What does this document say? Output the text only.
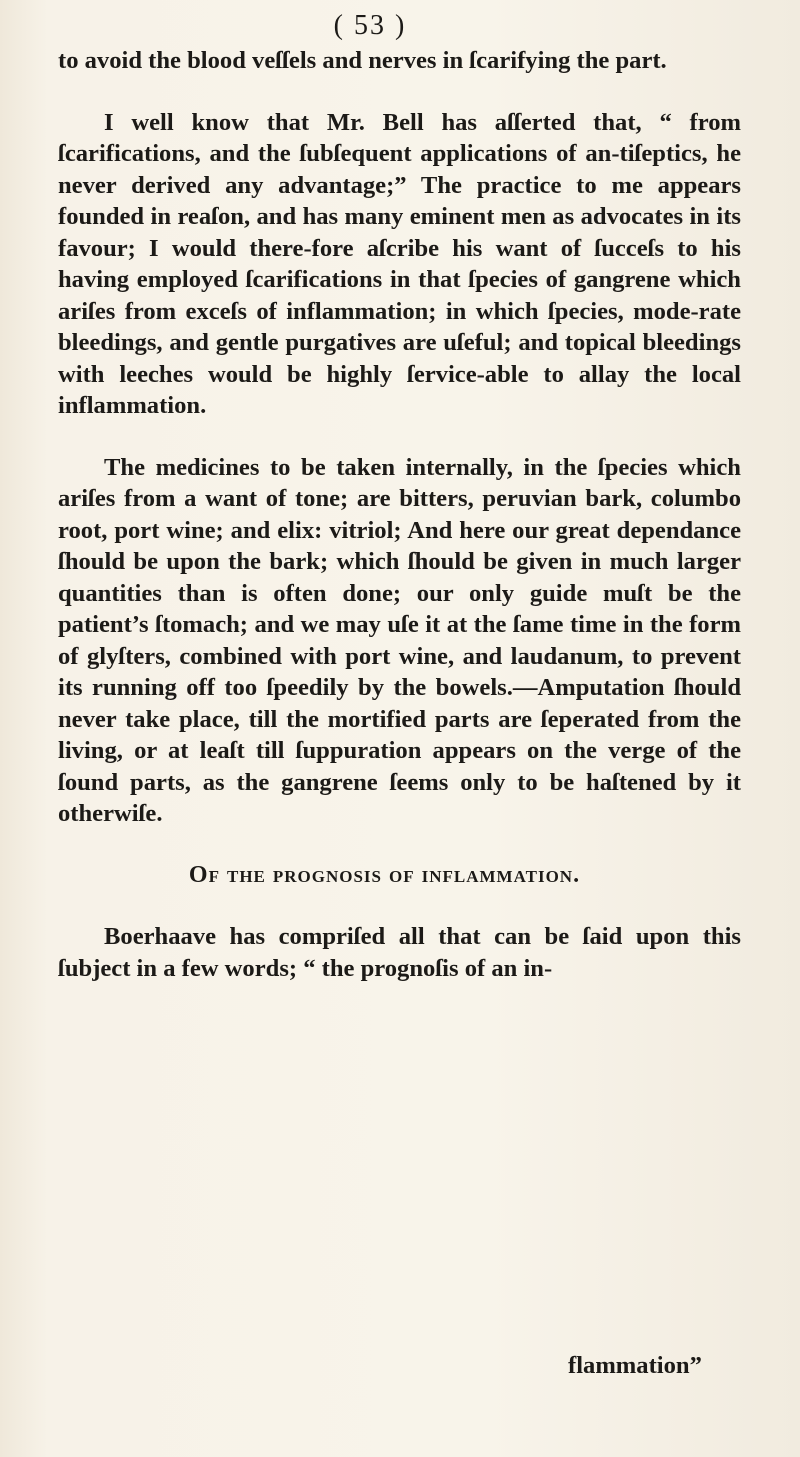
( 53 )

to avoid the blood veſſels and nerves in ſcarifying the part.

I well know that Mr. Bell has aſſerted that, “ from ſcarifications, and the ſubſequent applications of an-tiſeptics, he never derived any advantage;” The practice to me appears founded in reaſon, and has many eminent men as advocates in its favour; I would there-fore aſcribe his want of ſucceſs to his having employed ſcarifications in that ſpecies of gangrene which ariſes from exceſs of inflammation; in which ſpecies, mode-rate bleedings, and gentle purgatives are uſeful; and topical bleedings with leeches would be highly ſervice-able to allay the local inflammation.

The medicines to be taken internally, in the ſpecies which ariſes from a want of tone; are bitters, peruvian bark, columbo root, port wine; and elix: vitriol; And here our great dependance ſhould be upon the bark; which ſhould be given in much larger quantities than is often done; our only guide muſt be the patient’s ſtomach; and we may uſe it at the ſame time in the form of glyſters, combined with port wine, and laudanum, to prevent its running off too ſpeedily by the bowels.—Amputation ſhould never take place, till the mortified parts are ſeperated from the living, or at leaſt till ſuppuration appears on the verge of the ſound parts, as the gangrene ſeems only to be haſtened by it otherwiſe.

Of the prognosis of inflammation.

Boerhaave has compriſed all that can be ſaid upon this ſubject in a few words; “ the prognoſis of an in-

flammation”
